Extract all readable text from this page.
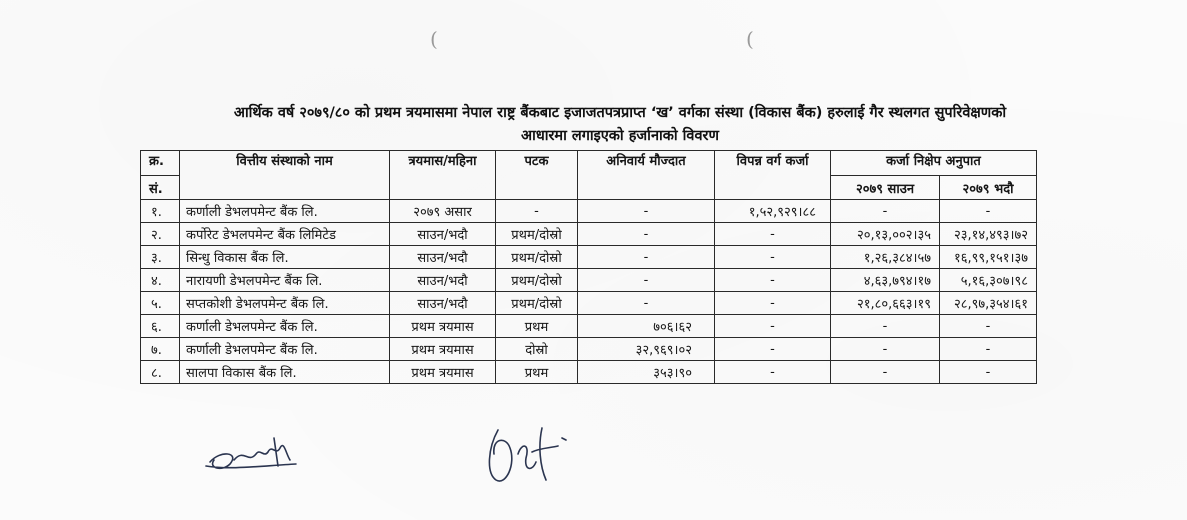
(	(
आर्थिक वर्ष २०७९/८० को प्रथम त्रयमासमा नेपाल राष्ट्र बैंकबाट इजाजतपत्रप्राप्त ‘ख’ वर्गका संस्था (विकास बैंक) हरुलाई गैर स्थलगत सुपरिवेक्षणको
आधारमा लगाइएको हर्जानाको विवरण
क्र.	वित्तीय संस्थाको नाम	त्रयमास/महिना	पटक	अनिवार्य मौज्दात	विपन्न वर्ग कर्जा	कर्जा निक्षेप अनुपात	
सं.						२०७९ साउन	२०७९ भदौ
१.	कर्णाली डेभलपमेन्ट बैंक लि.	२०७९ असार	-	-	१,५२,९२९।८८	-	-
२.	कर्पोरेट डेभलपमेन्ट बैंक लिमिटेड	साउन/भदौ	प्रथम/दोस्रो	-	-	२०,१३,००२।३५	२३,१४,४९३।७२
३.	सिन्धु विकास बैंक लि.	साउन/भदौ	प्रथम/दोस्रो	-	-	१,२६,३८४।५७	१६,९९,१५१।३७
४.	नारायणी डेभलपमेन्ट बैंक लि.	साउन/भदौ	प्रथम/दोस्रो	-	-	४,६३,७९४।१७	५,१६,३०७।९८
५.	सप्तकोशी डेभलपमेन्ट बैंक लि.	साउन/भदौ	प्रथम/दोस्रो	-	-	२१,८०,६६३।१९	२८,९७,३५४।६१
६.	कर्णाली डेभलपमेन्ट बैंक लि.	प्रथम त्रयमास	प्रथम	७०६।६२	-	-	-
७.	कर्णाली डेभलपमेन्ट बैंक लि.	प्रथम त्रयमास	दोस्रो	३२,९६९।०२	-	-	-
८.	सालपा विकास बैंक लि.	प्रथम त्रयमास	प्रथम	३५३।९०	-	-	-
